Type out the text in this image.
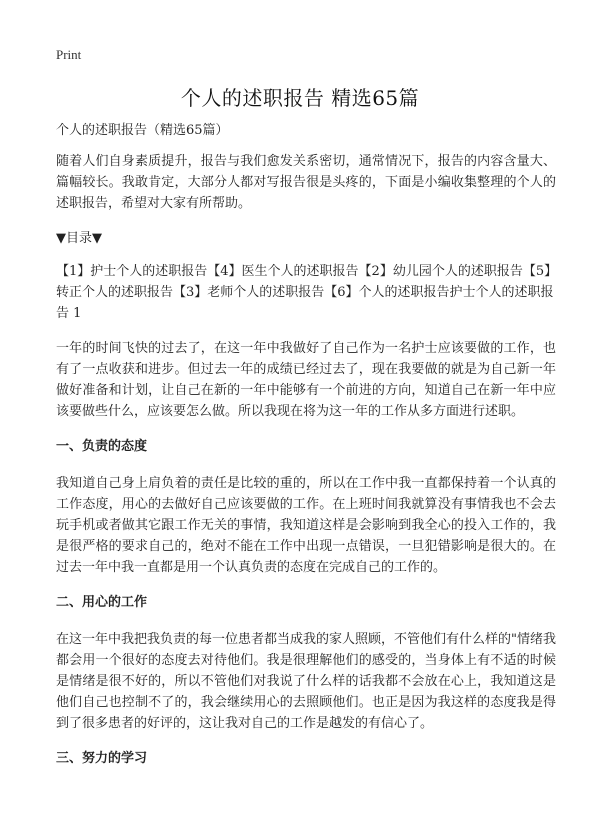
Print
个人的述职报告 精选65篇

个人的述职报告（精选65篇）

随着人们自身素质提升，报告与我们愈发关系密切，通常情况下，报告的内容含量大、篇幅较长。我敢肯定，大部分人都对写报告很是头疼的，下面是小编收集整理的个人的述职报告，希望对大家有所帮助。

▼目录▼

【1】护士个人的述职报告【4】医生个人的述职报告【2】幼儿园个人的述职报告【5】转正个人的述职报告【3】老师个人的述职报告【6】个人的述职报告护士个人的述职报告 1

一年的时间飞快的过去了，在这一年中我做好了自己作为一名护士应该要做的工作，也有了一点收获和进步。但过去一年的成绩已经过去了，现在我要做的就是为自己新一年做好准备和计划，让自己在新的一年中能够有一个前进的方向，知道自己在新一年中应该要做些什么，应该要怎么做。所以我现在将为这一年的工作从多方面进行述职。

一、负责的态度

我知道自己身上肩负着的责任是比较的重的，所以在工作中我一直都保持着一个认真的工作态度，用心的去做好自己应该要做的工作。在上班时间我就算没有事情我也不会去玩手机或者做其它跟工作无关的事情，我知道这样是会影响到我全心的投入工作的，我是很严格的要求自己的，绝对不能在工作中出现一点错误，一旦犯错影响是很大的。在过去一年中我一直都是用一个认真负责的态度在完成自己的工作的。

二、用心的工作

在这一年中我把我负责的每一位患者都当成我的家人照顾，不管他们有什么样的"情绪我都会用一个很好的态度去对待他们。我是很理解他们的感受的，当身体上有不适的时候是情绪是很不好的，所以不管他们对我说了什么样的话我都不会放在心上，我知道这是他们自己也控制不了的，我会继续用心的去照顾他们。也正是因为我这样的态度我是得到了很多患者的好评的，这让我对自己的工作是越发的有信心了。

三、努力的学习
